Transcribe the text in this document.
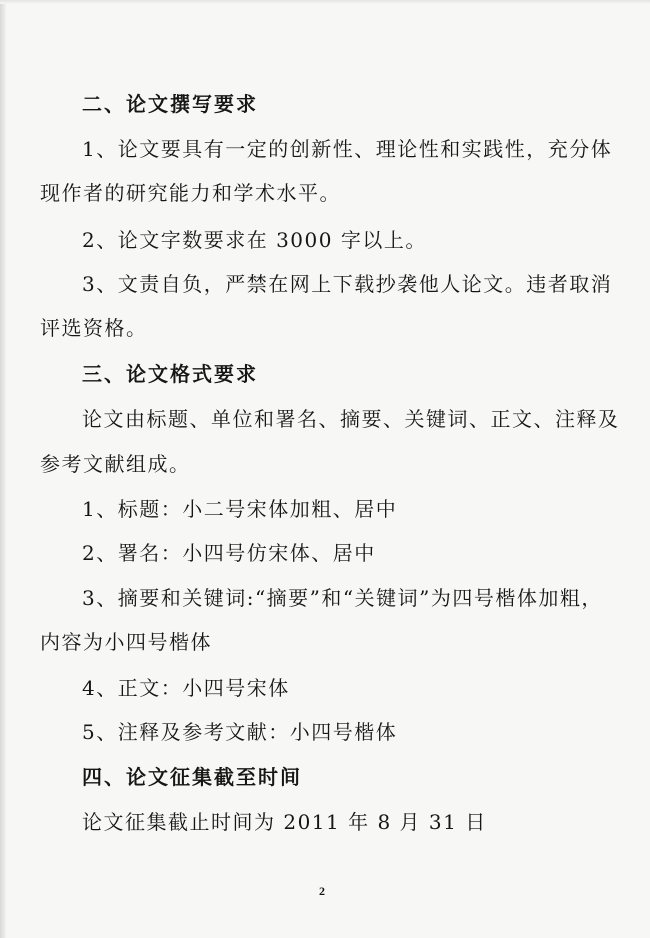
二、论文撰写要求
1、论文要具有一定的创新性、理论性和实践性，充分体
现作者的研究能力和学术水平。
2、论文字数要求在 3000 字以上。
3、文责自负，严禁在网上下载抄袭他人论文。违者取消
评选资格。
三、论文格式要求
论文由标题、单位和署名、摘要、关键词、正文、注释及
参考文献组成。
1、标题：小二号宋体加粗、居中
2、署名：小四号仿宋体、居中
3、摘要和关键词:“摘要”和“关键词”为四号楷体加粗，
内容为小四号楷体
4、正文：小四号宋体
5、注释及参考文献：小四号楷体
四、论文征集截至时间
论文征集截止时间为 2011 年 8 月 31 日
2
